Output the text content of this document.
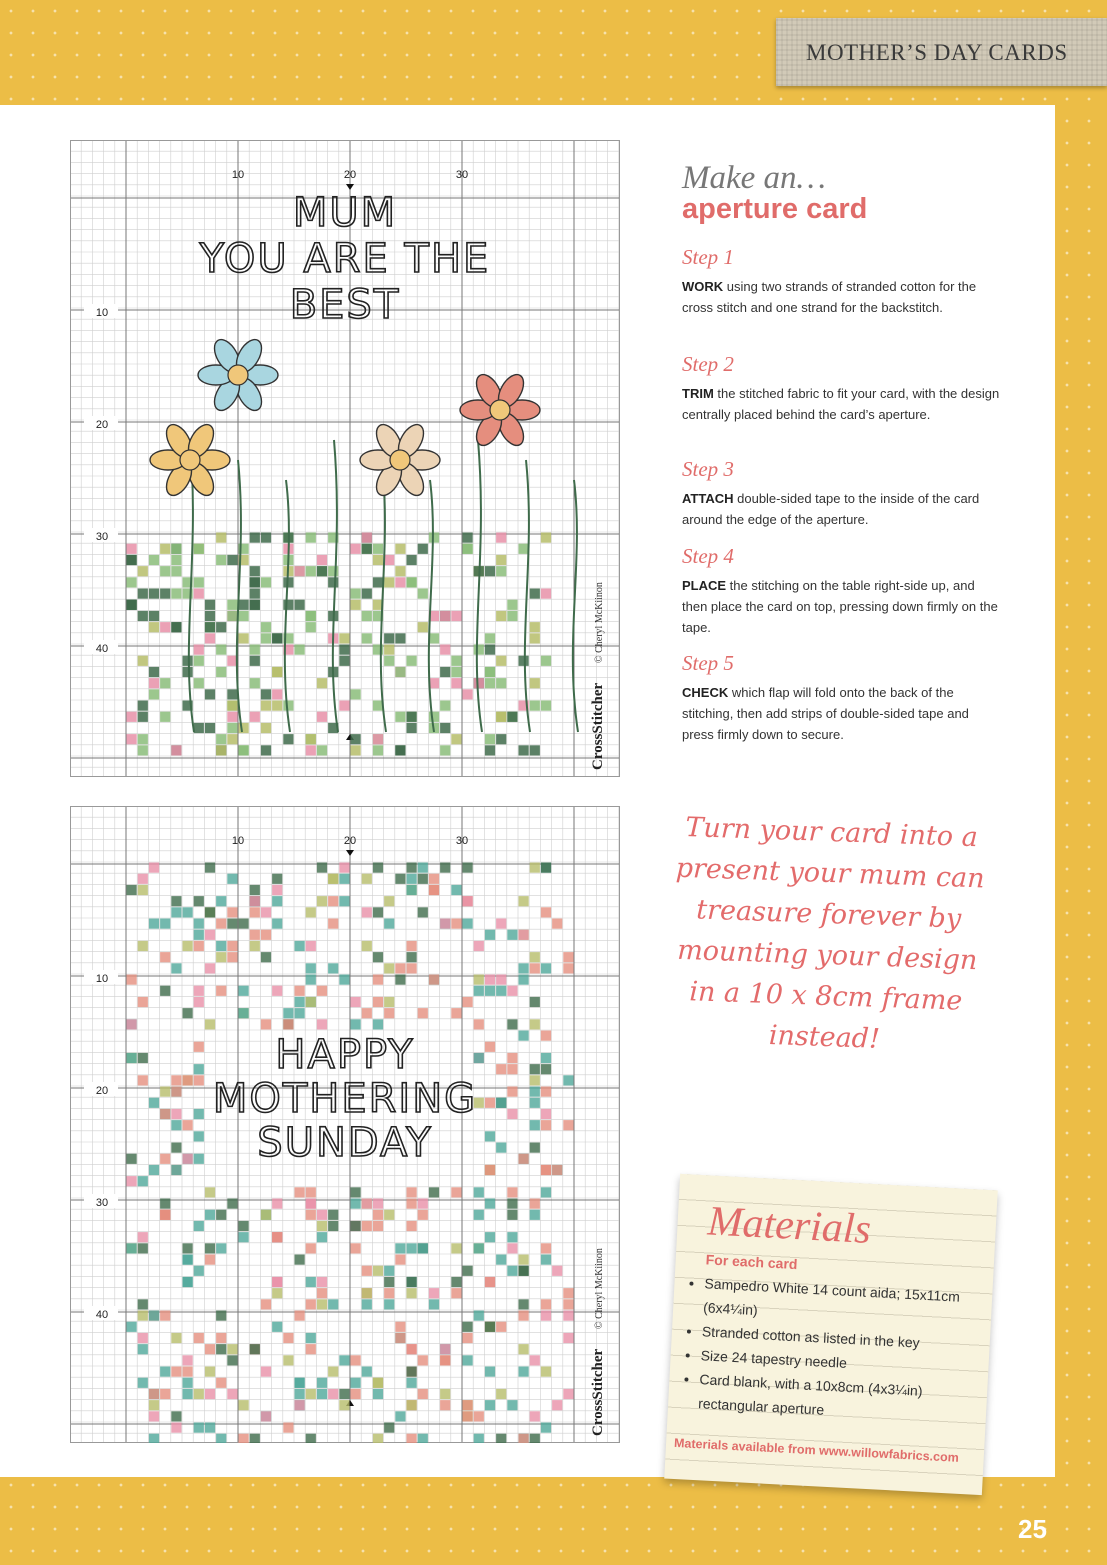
MOTHER’S DAY CARDS
10	20	30
10
20
30
40
MUM
YOU ARE THE
BEST
CrossStitcher
© Cheryl McKiinon
10	20	30
10
20
30
40
HAPPY
MOTHERING
SUNDAY
CrossStitcher
© Cheryl McKiinon
Make an…
aperture card

Step 1

WORK using two strands of stranded cotton for the cross stitch and one strand for the backstitch.

Step 2

TRIM the stitched fabric to fit your card, with the design centrally placed behind the card’s aperture.

Step 3

ATTACH double-sided tape to the inside of the card around the edge of the aperture.

Step 4

PLACE the stitching on the table right-side up, and then place the card on top, pressing down firmly on the tape.

Step 5

CHECK which flap will fold onto the back of the stitching, then add strips of double-sided tape and press firmly down to secure.

Turn your card into a present your mum can treasure forever by mounting your design in a 10 x 8cm frame instead!
Materials
For each card
• Sampedro White 14 count aida; 15x11cm (6x4¼in)
• Stranded cotton as listed in the key
• Size 24 tapestry needle
• Card blank, with a 10x8cm (4x3¼in) rectangular aperture
Materials available from www.willowfabrics.com
25
